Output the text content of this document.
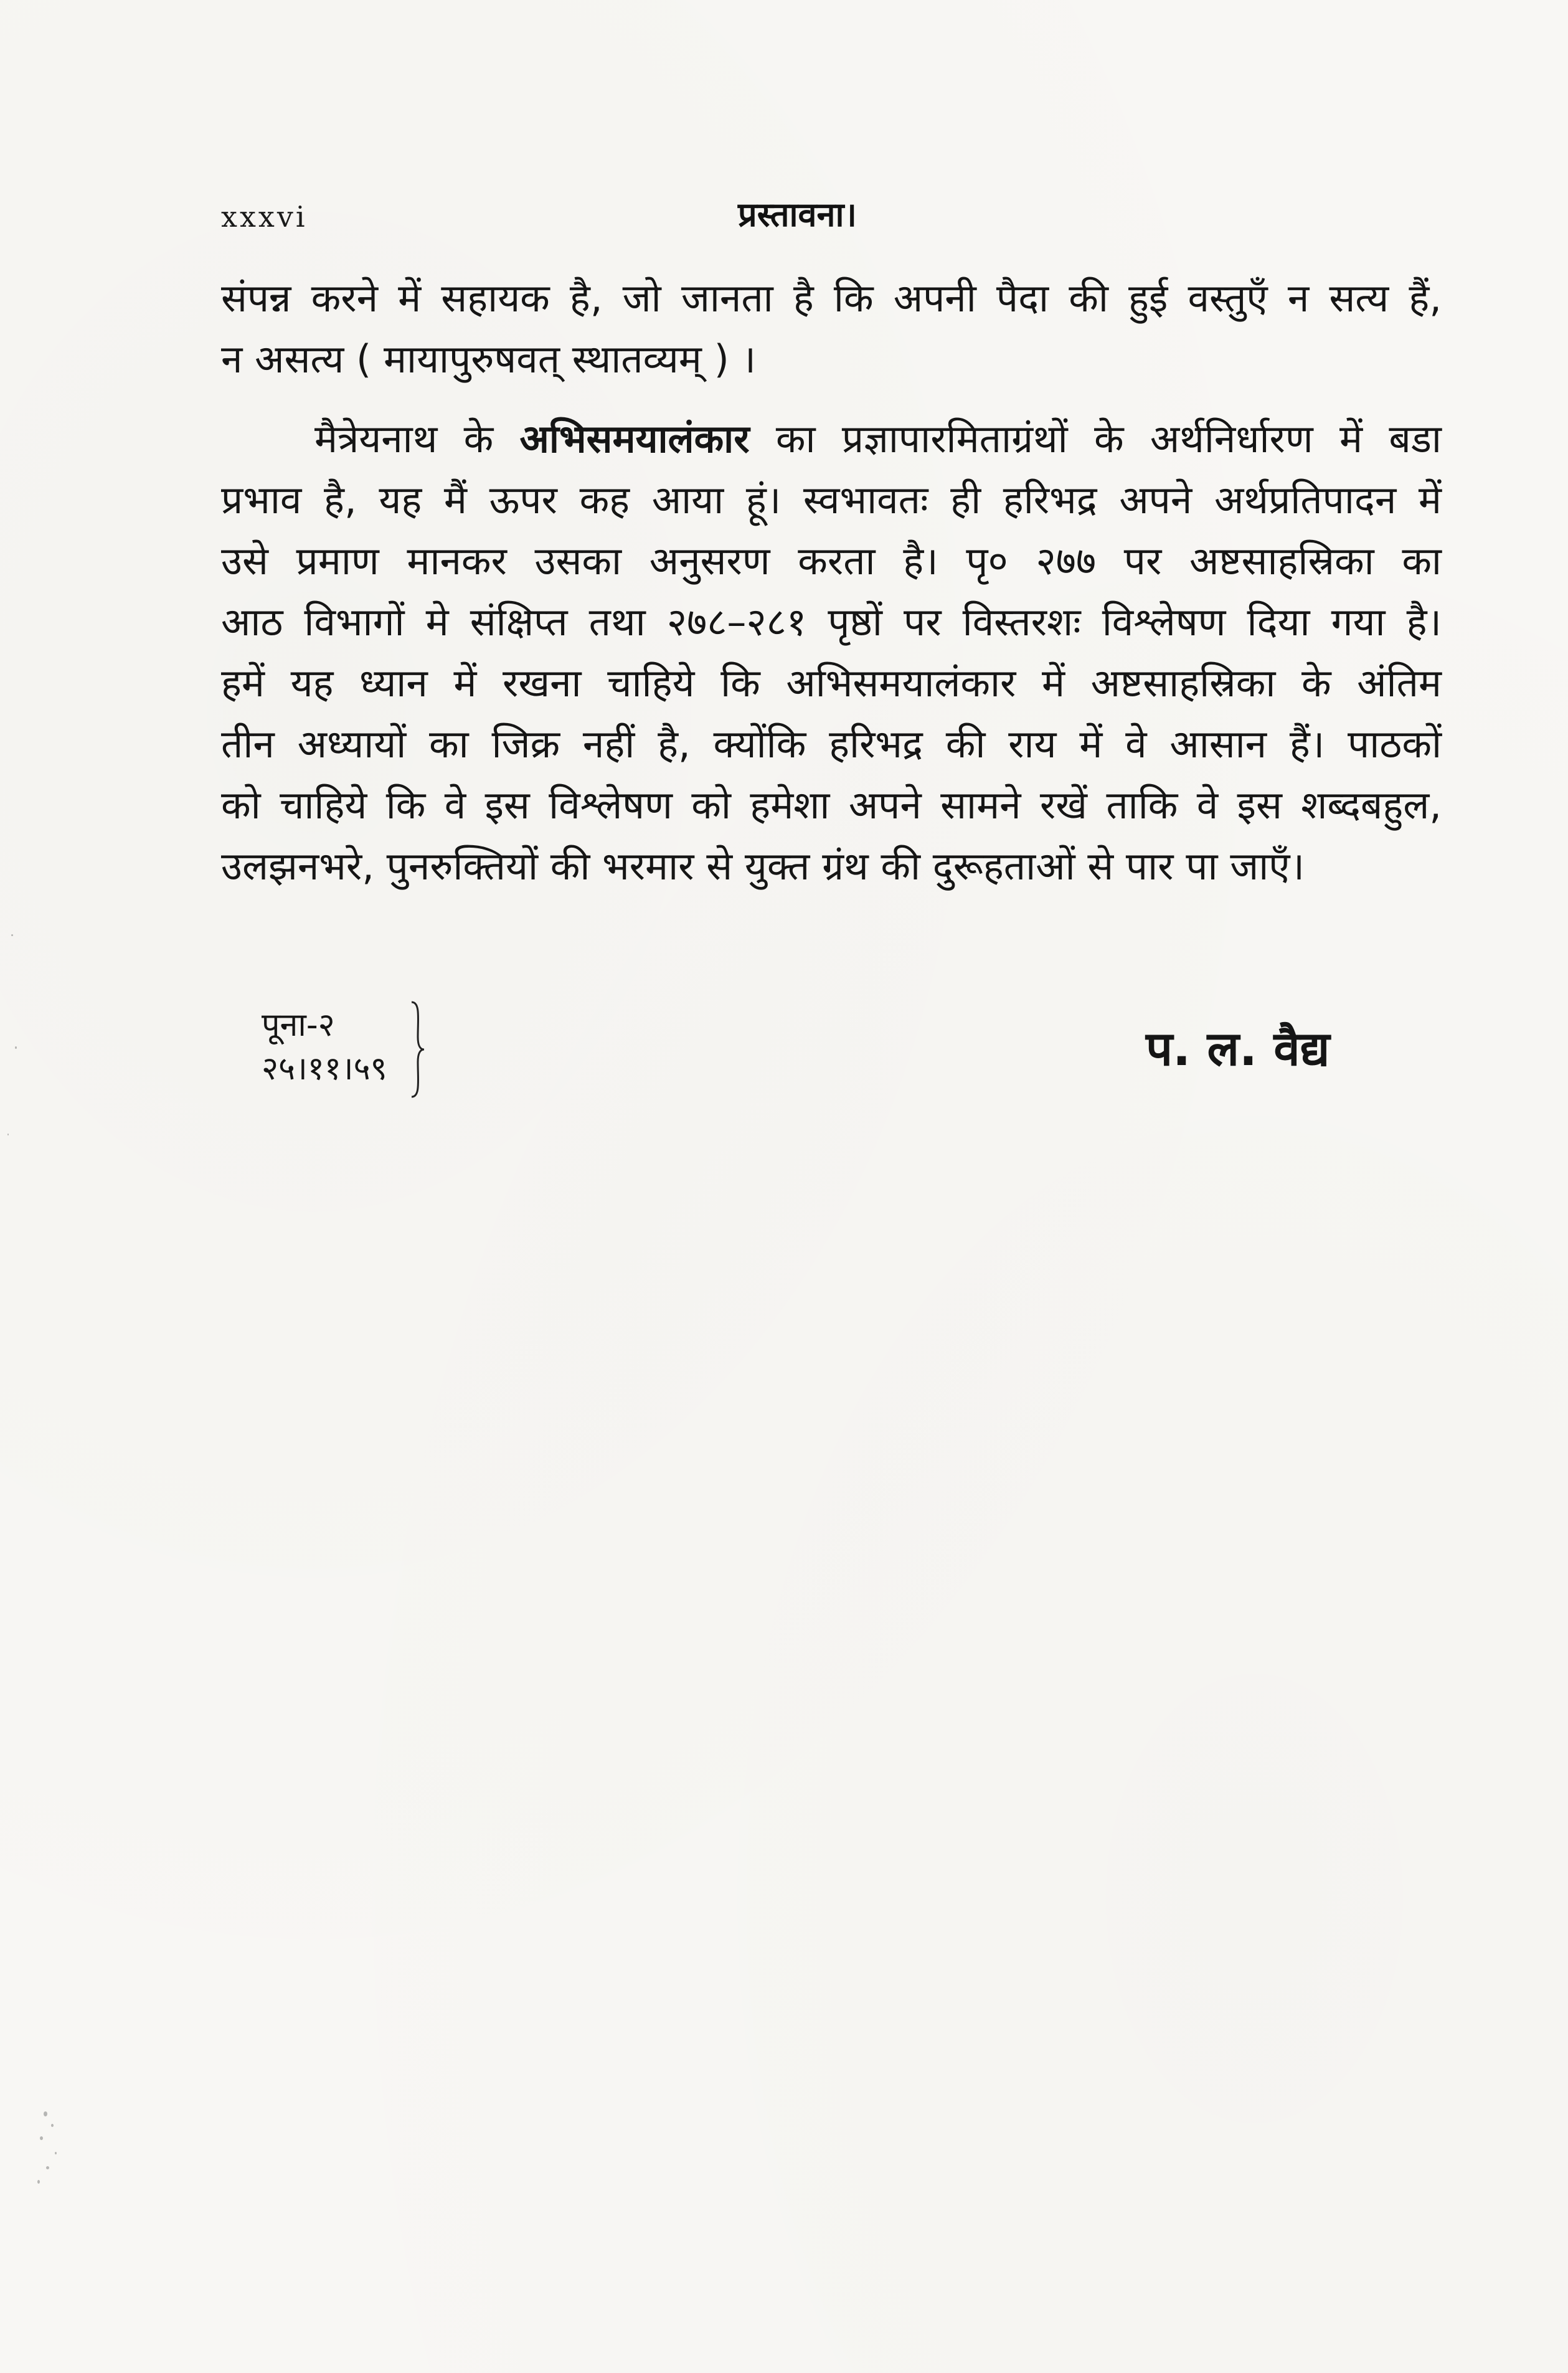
xxxvi	प्रस्तावना।
संपन्न करने में सहायक है, जो जानता है कि अपनी पैदा की हुई वस्तुएँ न सत्य हैं,
न असत्य ( मायापुरुषवत् स्थातव्यम् ) ।
मैत्रेयनाथ के अभिसमयालंकार का प्रज्ञापारमिताग्रंथों के अर्थनिर्धारण में बडा
प्रभाव है, यह मैं ऊपर कह आया हूं। स्वभावतः ही हरिभद्र अपने अर्थप्रतिपादन में
उसे प्रमाण मानकर उसका अनुसरण करता है। पृ० २७७ पर अष्टसाहस्रिका का
आठ विभागों मे संक्षिप्त तथा २७८–२८१ पृष्ठों पर विस्तरशः विश्लेषण दिया गया है।
हमें यह ध्यान में रखना चाहिये कि अभिसमयालंकार में अष्टसाहस्रिका के अंतिम
तीन अध्यायों का जिक्र नहीं है, क्योंकि हरिभद्र की राय में वे आसान हैं। पाठकों
को चाहिये कि वे इस विश्लेषण को हमेशा अपने सामने रखें ताकि वे इस शब्दबहुल,
उलझनभरे, पुनरुक्तियों की भरमार से युक्त ग्रंथ की दुरूहताओं से पार पा जाएँ।
पूना-२
२५।११।५९	प. ल. वैद्य
